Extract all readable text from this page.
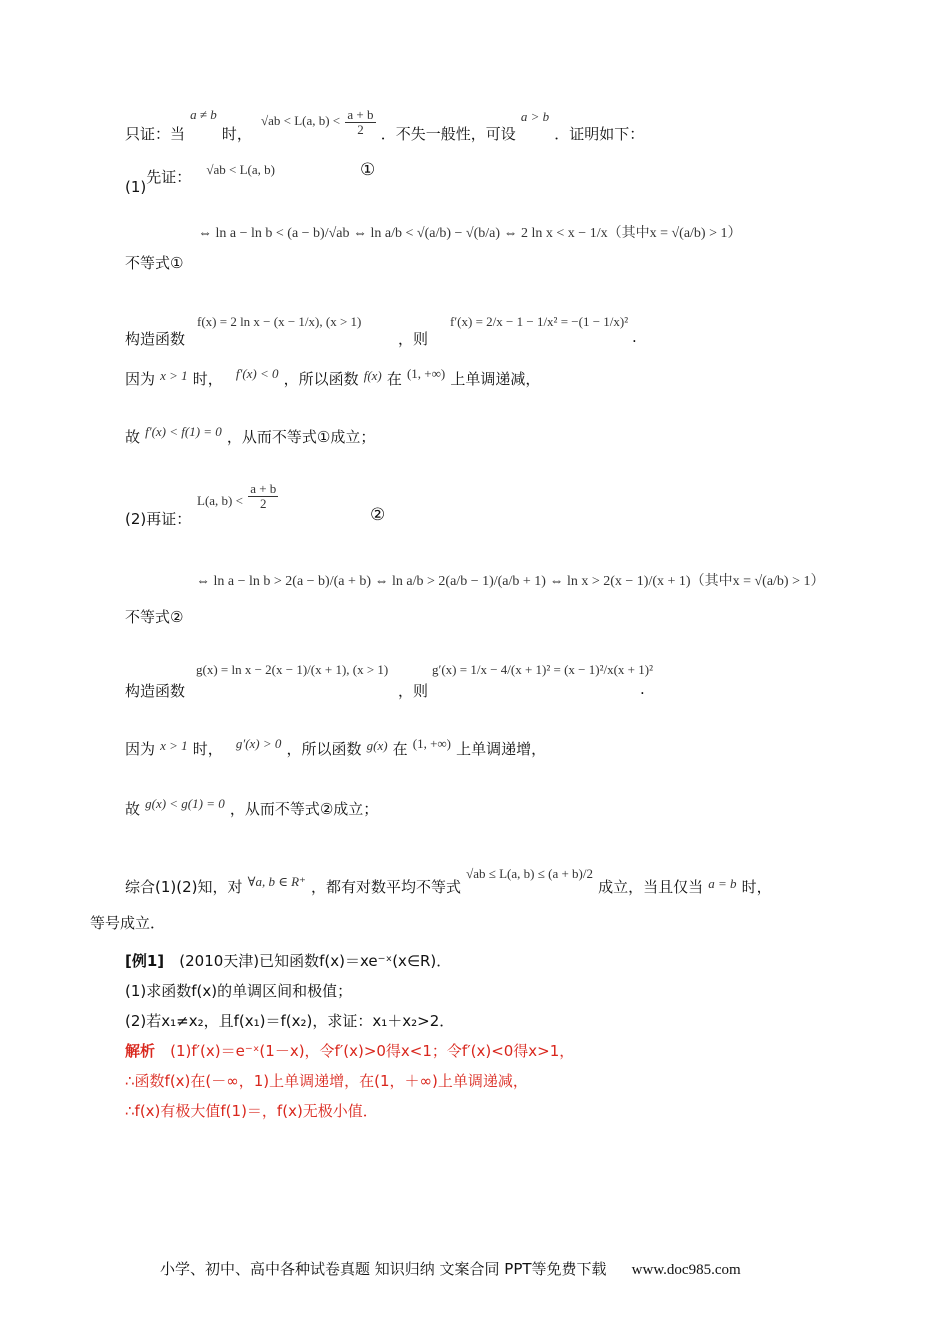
只证：当 $_{a \ne b}$ 时， $_{√ab < L(a, b) < \frac{a + b}{2}}$ ．不失一般性，可设 $_{a > b}$ ．证明如下：
(1)先证： $^{√ab < L(a, b)}$	①
⇔ ln a − ln b < (a − b)/√ab ⇔ ln a/b < √(a/b) − √(b/a) ⇔ 2 ln x < x − 1/x（其中x = √(a/b) > 1）
不等式①
构造函数
f(x) = 2 ln x − (x − 1/x), (x > 1)
，则
f′(x) = 2/x − 1 − 1/x² = −(1 − 1/x)²
.
因为 $^{x > 1}$ 时， $^{f'(x) < 0}$ ，所以函数 $^{f(x)}$ 在 $^{(1, +\infty)}$ 上单调递减，
故 $^{f'(x) < f(1) = 0}$ ，从而不等式①成立；
(2)再证：
L(a, $b) < \frac{a + b}{2}$
②
⇔ ln a − ln b > 2(a − b)/(a + b) ⇔ ln a/b > 2(a/b − 1)/(a/b + 1) ⇔ ln x > 2(x − 1)/(x + 1)（其中x = √(a/b) > 1）
不等式②
构造函数
g(x) = ln x − 2(x − 1)/(x + 1), (x > 1)
，则
g′(x) = 1/x − 4/(x + 1)² = (x − 1)²/x(x + 1)²
.
因为 $^{x > 1}$ 时， $^{g'(x) > 0}$ ，所以函数 $^{g(x)}$ 在 $^{(1, +\infty)}$ 上单调递增，
故 $^{g(x) < g(1) = 0}$ ，从而不等式②成立；
综合(1)(2)知，对 $^{\forall a, b \in R^+}$ ，都有对数平均不等式 $^{√ab \le L(a, b) \le (a + b)/2}$ 成立，当且仅当 $^{a = b}$ 时，
等号成立．
[例1] (2010天津)已知函数f(x)＝xe⁻ˣ(x∈R)．
(1)求函数f(x)的单调区间和极值；
(2)若x₁≠x₂，且f(x₁)＝f(x₂)，求证：x₁＋x₂>2．
解析 (1)f′(x)＝e⁻ˣ(1－x)，令f′(x)>0得x<1；令f′(x)<0得x>1，
∴函数f(x)在(－∞，1)上单调递增，在(1，＋∞)上单调递减，
∴f(x)有极大值f(1)＝，f(x)无极小值．
小学、初中、高中各种试卷真题 知识归纳 文案合同 PPT等免费下载 www.doc985.com
